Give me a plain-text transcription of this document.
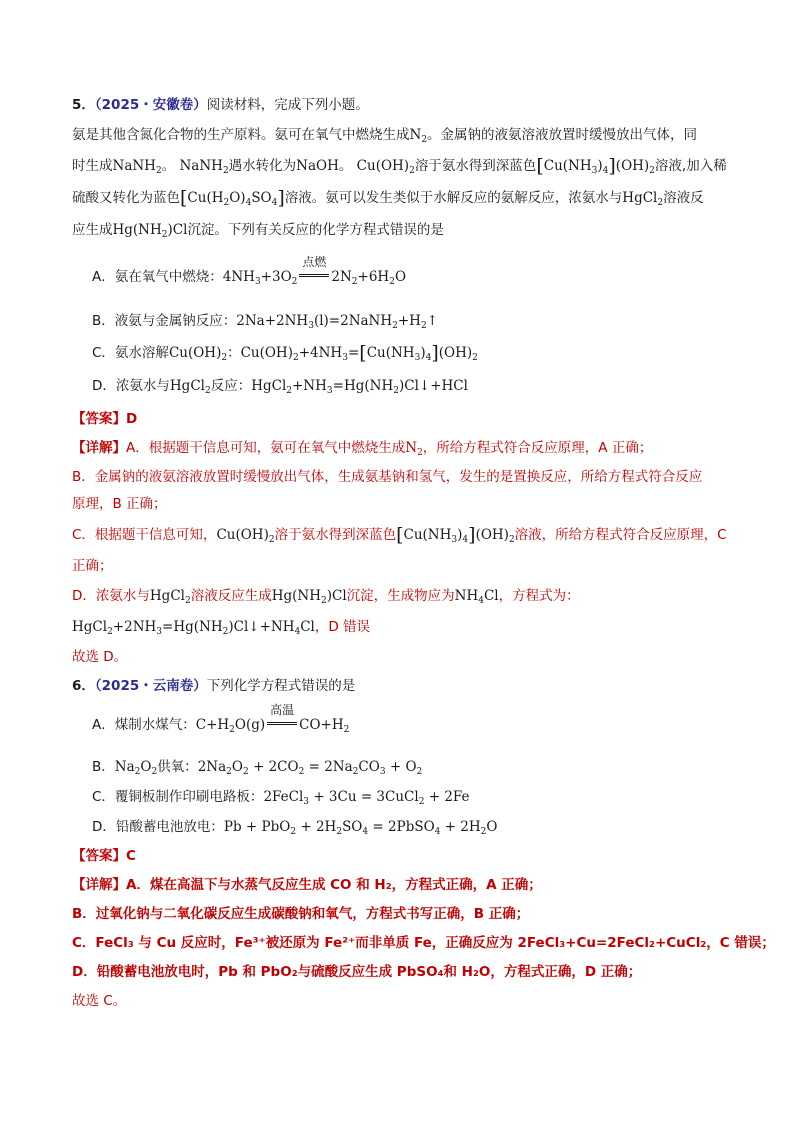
5．（2025・安徽卷）阅读材料，完成下列小题。
氨是其他含氮化合物的生产原料。氨可在氧气中燃烧生成$N_2$。金属钠的液氨溶液放置时缓慢放出气体，同
时生成NaNH$_2$。 NaNH$_2$遇水转化为NaOH。 $Cu(OH)_2$溶于氨水得到深蓝色$[Cu(NH_3)_4](OH)_2$溶液,加入稀
硫酸又转化为蓝色$[Cu(H_2O)_4SO_4]$溶液。氨可以发生类似于水解反应的氨解反应，浓氨水与HgCl$_2$溶液反
应生成$Hg(NH_2)Cl$沉淀。下列有关反应的化学方程式错误的是
A．氨在氧气中燃烧：$4NH_3+3O_2$
点燃
$2N_2+6H_2O$
B．液氨与金属钠反应：$2Na+2NH_3(l)=2NaNH_2+H_2↑$
C．氨水溶解$Cu(OH)_2$：$Cu(OH)_2+4NH_3=[Cu(NH_3)_4](OH)_2$
D．浓氨水与HgCl$_2$反应：$HgCl_2+NH_3=Hg(NH_2)Cl↓+HCl$
【答案】D
【详解】A．根据题干信息可知，氨可在氧气中燃烧生成$N_2$，所给方程式符合反应原理，A 正确；
B．金属钠的液氨溶液放置时缓慢放出气体，生成氨基钠和氢气，发生的是置换反应，所给方程式符合反应
原理，B 正确；
C．根据题干信息可知，$Cu(OH)_2$溶于氨水得到深蓝色$[Cu(NH_3)_4](OH)_2$溶液，所给方程式符合反应原理，C
正确；
D．浓氨水与HgCl$_2$溶液反应生成$Hg(NH_2)Cl$沉淀，生成物应为$NH_4Cl$，方程式为：
$HgCl_2+2NH_3=Hg(NH_2)Cl↓+NH_4Cl$，D 错误
故选 D。
6．（2025・云南卷）下列化学方程式错误的是
A．煤制水煤气：$C+H_2O(g)$
高温
$CO+H_2$
B．$Na_2O_2$供氧：$2Na_2O_2 + 2CO_2 = 2Na_2CO_3 + O_2$
C．覆铜板制作印刷电路板：2FeCl$_3$ + 3Cu = 3CuCl$_2$ + 2Fe
D．铅酸蓄电池放电：$Pb + PbO_2 + 2H_2SO_4$ = 2PbSO$_4$ + $2H_2O$
【答案】C
【详解】A．煤在高温下与水蒸气反应生成 CO 和 H₂，方程式正确，A 正确；
B．过氧化钠与二氧化碳反应生成碳酸钠和氧气，方程式书写正确，B 正确；
C．FeCl₃ 与 Cu 反应时，Fe³⁺被还原为 Fe²⁺而非单质 Fe，正确反应为 2FeCl₃+Cu=2FeCl₂+CuCl₂，C 错误；
D．铅酸蓄电池放电时，Pb 和 PbO₂与硫酸反应生成 PbSO₄和 H₂O，方程式正确，D 正确；
故选 C。
